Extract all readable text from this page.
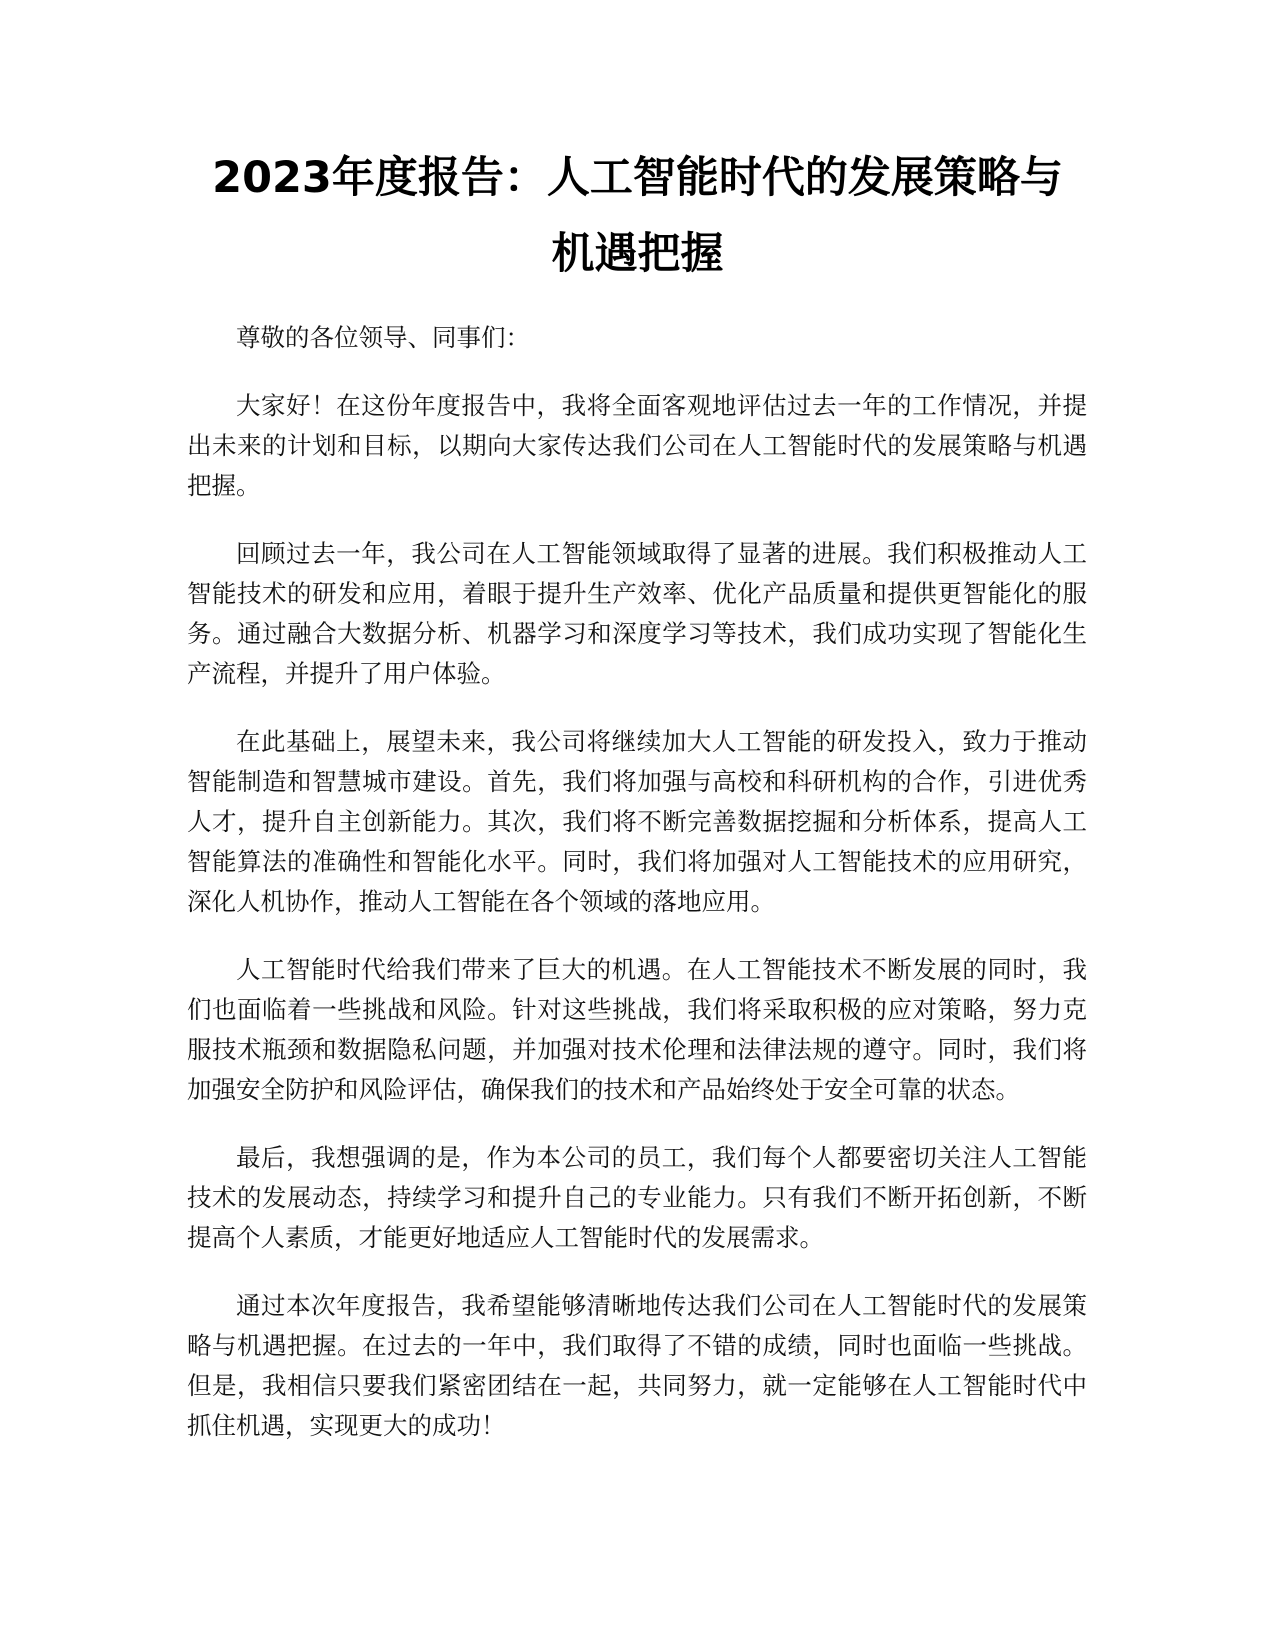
2023年度报告：人工智能时代的发展策略与
机遇把握

尊敬的各位领导、同事们：

大家好！在这份年度报告中，我将全面客观地评估过去一年的工作情况，并提出未来的计划和目标，以期向大家传达我们公司在人工智能时代的发展策略与机遇把握。

回顾过去一年，我公司在人工智能领域取得了显著的进展。我们积极推动人工智能技术的研发和应用，着眼于提升生产效率、优化产品质量和提供更智能化的服务。通过融合大数据分析、机器学习和深度学习等技术，我们成功实现了智能化生产流程，并提升了用户体验。

在此基础上，展望未来，我公司将继续加大人工智能的研发投入，致力于推动智能制造和智慧城市建设。首先，我们将加强与高校和科研机构的合作，引进优秀人才，提升自主创新能力。其次，我们将不断完善数据挖掘和分析体系，提高人工智能算法的准确性和智能化水平。同时，我们将加强对人工智能技术的应用研究，深化人机协作，推动人工智能在各个领域的落地应用。

人工智能时代给我们带来了巨大的机遇。在人工智能技术不断发展的同时，我们也面临着一些挑战和风险。针对这些挑战，我们将采取积极的应对策略，努力克服技术瓶颈和数据隐私问题，并加强对技术伦理和法律法规的遵守。同时，我们将加强安全防护和风险评估，确保我们的技术和产品始终处于安全可靠的状态。

最后，我想强调的是，作为本公司的员工，我们每个人都要密切关注人工智能技术的发展动态，持续学习和提升自己的专业能力。只有我们不断开拓创新，不断提高个人素质，才能更好地适应人工智能时代的发展需求。

通过本次年度报告，我希望能够清晰地传达我们公司在人工智能时代的发展策略与机遇把握。在过去的一年中，我们取得了不错的成绩，同时也面临一些挑战。但是，我相信只要我们紧密团结在一起，共同努力，就一定能够在人工智能时代中抓住机遇，实现更大的成功！
